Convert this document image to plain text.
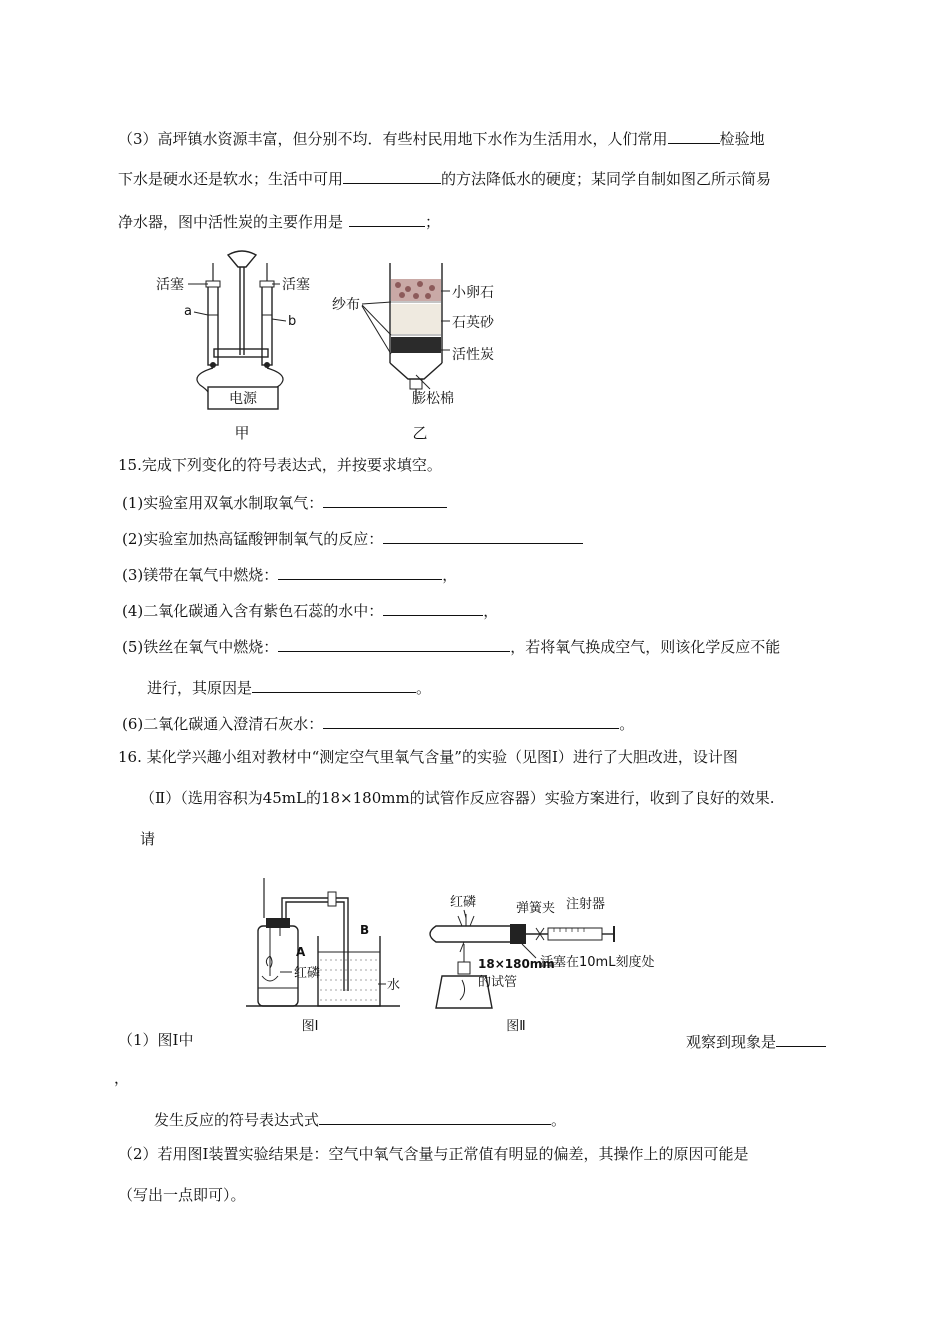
（3）高坪镇水资源丰富，但分别不均．有些村民用地下水作为生活用水，人们常用	检验地
下水是硬水还是软水；生活中可用	的方法降低水的硬度；某同学自制如图乙所示简易
净水器，图中活性炭的主要作用是	；
电源
活塞	活塞
a
b
甲
纱布
小卵石
石英砂
活性炭
膨松棉
乙
15.完成下列变化的符号表达式，并按要求填空。
(1)实验室用双氧水制取氧气：
(2)实验室加热高锰酸钾制氧气的反应：
(3)镁带在氧气中燃烧：	，
(4)二氧化碳通入含有紫色石蕊的水中：	，
(5)铁丝在氧气中燃烧：	，若将氧气换成空气，则该化学反应不能
进行，其原因是	。
(6)二氧化碳通入澄清石灰水：	。
16. 某化学兴趣小组对教材中“测定空气里氧气含量”的实验（见图Ⅰ）进行了大胆改进，设计图
（Ⅱ）（选用容积为45mL的18×180mm的试管作反应容器）实验方案进行，收到了良好的效果.
请
A
B
红磷
水
图Ⅰ
红磷	弹簧夹 注射器
18×180mm
的试管
活塞在10mL刻度处
图Ⅱ
（1）图Ⅰ中	观察到现象是
，
发生反应的符号表达式式	。
（2）若用图Ⅰ装置实验结果是：空气中氧气含量与正常值有明显的偏差，其操作上的原因可能是
（写出一点即可）。
